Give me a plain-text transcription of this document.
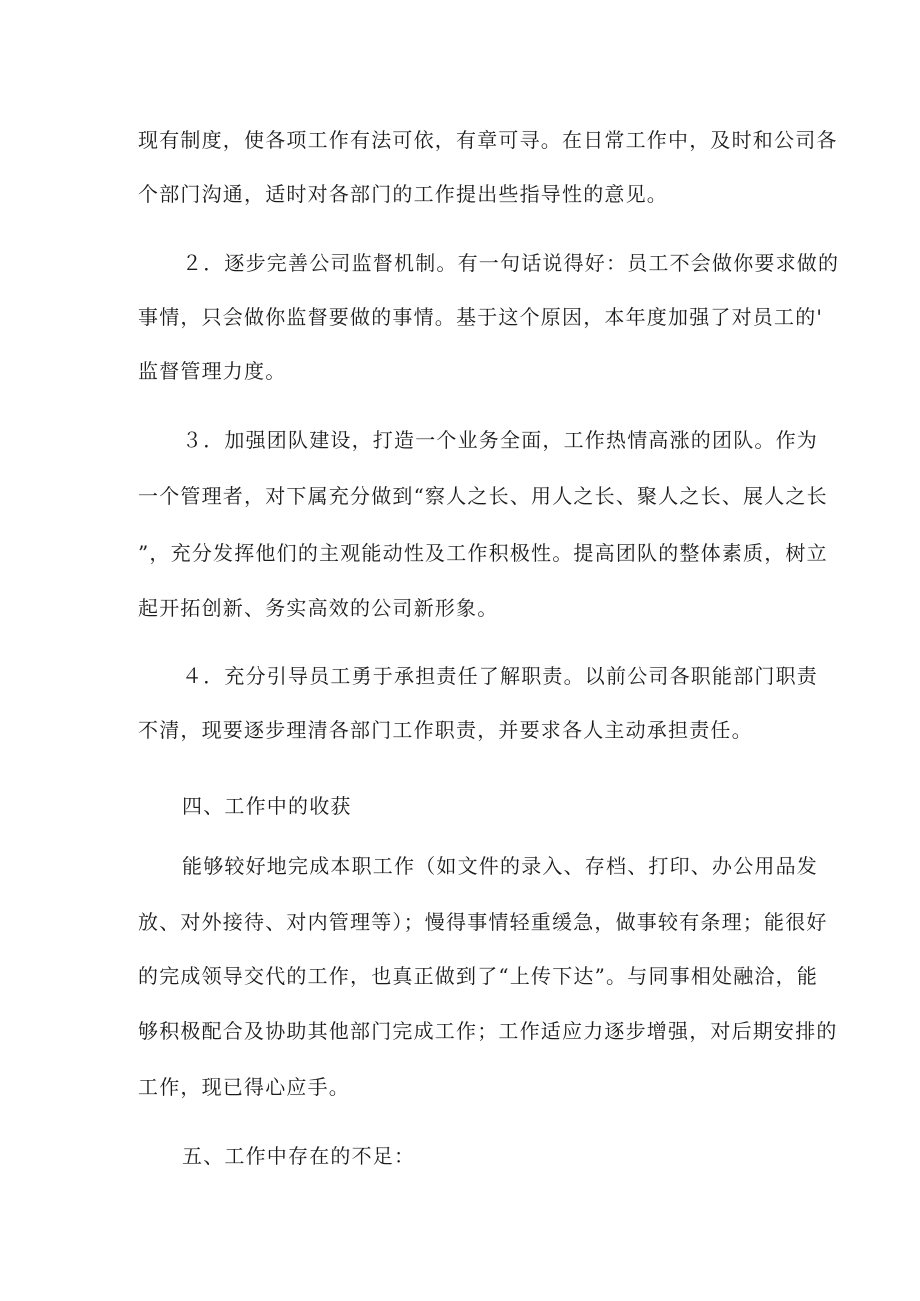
现有制度，使各项工作有法可依，有章可寻。在日常工作中，及时和公司各
个部门沟通，适时对各部门的工作提出些指导性的意见。
２．逐步完善公司监督机制。有一句话说得好：员工不会做你要求做的
事情，只会做你监督要做的事情。基于这个原因，本年度加强了对员工的'
监督管理力度。
３．加强团队建设，打造一个业务全面，工作热情高涨的团队。作为
一个管理者，对下属充分做到“察人之长、用人之长、聚人之长、展人之长
”，充分发挥他们的主观能动性及工作积极性。提高团队的整体素质，树立
起开拓创新、务实高效的公司新形象。
４．充分引导员工勇于承担责任了解职责。以前公司各职能部门职责
不清，现要逐步理清各部门工作职责，并要求各人主动承担责任。
四、工作中的收获
能够较好地完成本职工作（如文件的录入、存档、打印、办公用品发
放、对外接待、对内管理等）；慢得事情轻重缓急，做事较有条理；能很好
的完成领导交代的工作，也真正做到了“上传下达”。与同事相处融洽，能
够积极配合及协助其他部门完成工作；工作适应力逐步增强，对后期安排的
工作，现已得心应手。
五、工作中存在的不足：
